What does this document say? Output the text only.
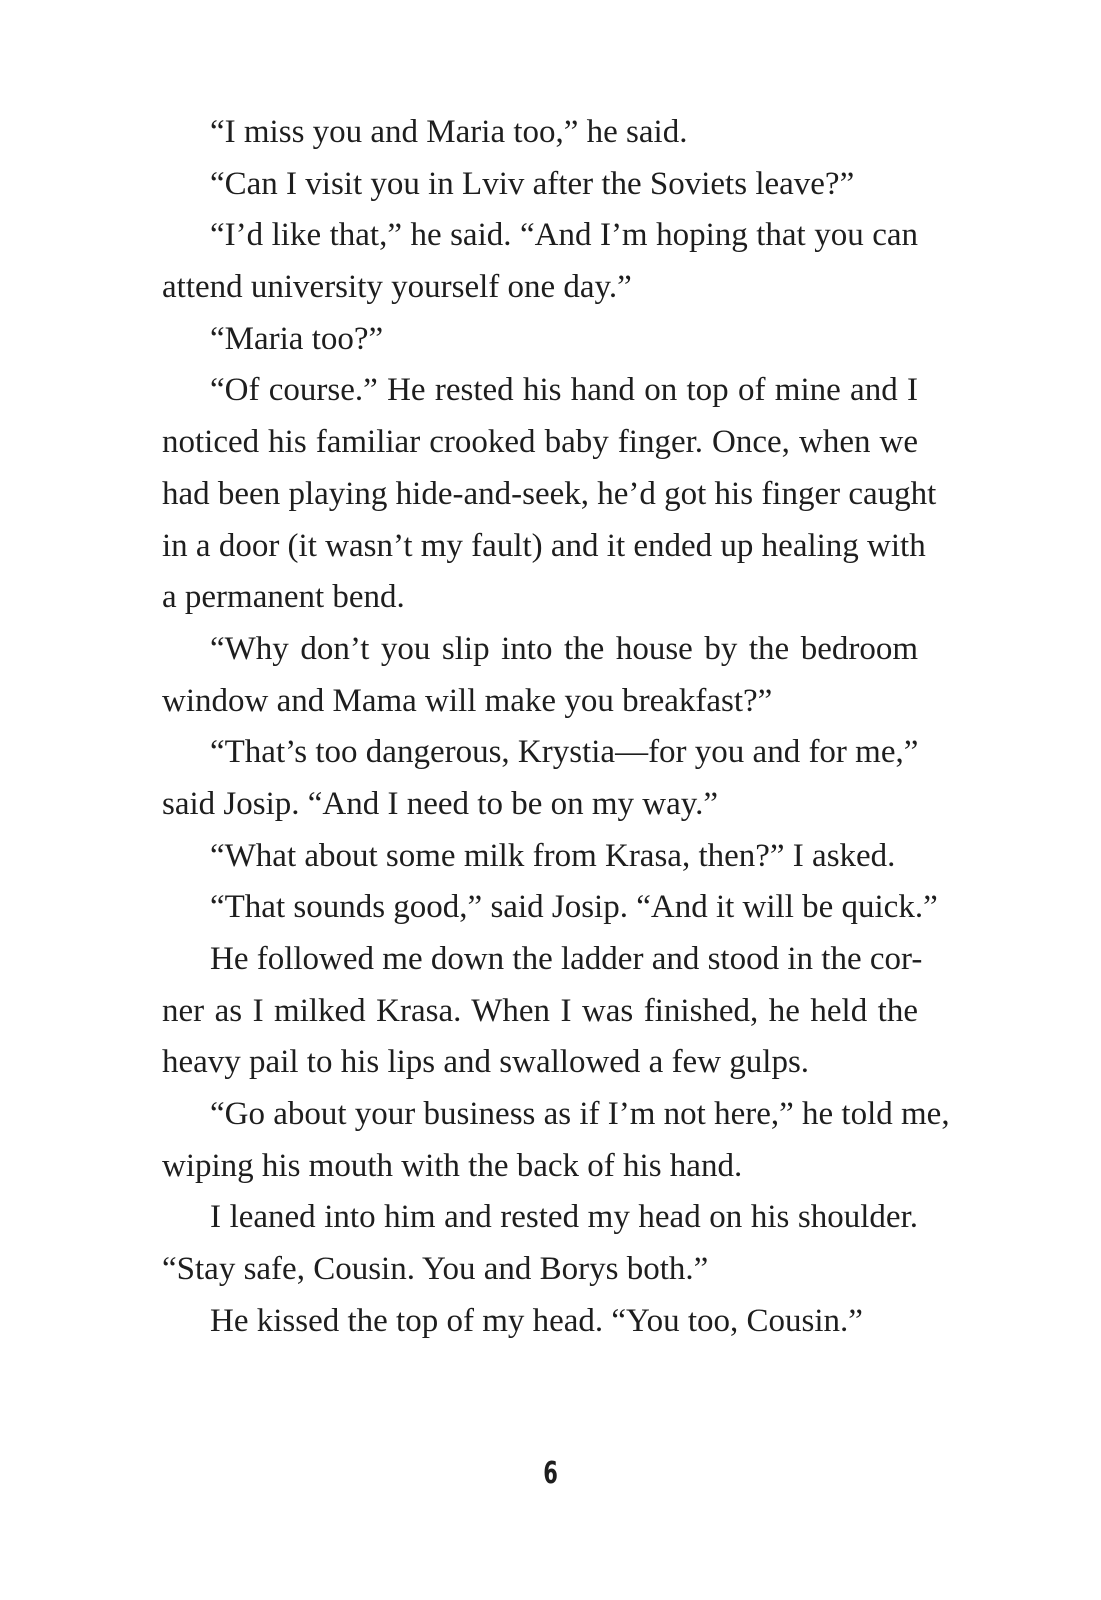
“I miss you and Maria too,” he said.
“Can I visit you in Lviv after the Soviets leave?”
“I’d like that,” he said. “And I’m hoping that you can
attend university yourself one day.”
“Maria too?”
“Of course.” He rested his hand on top of mine and I
noticed his familiar crooked baby finger. Once, when we
had been playing hide-and-seek, he’d got his finger caught
in a door (it wasn’t my fault) and it ended up healing with
a permanent bend.
“Why don’t you slip into the house by the bedroom
window and Mama will make you breakfast?”
“That’s too dangerous, Krystia—for you and for me,”
said Josip. “And I need to be on my way.”
“What about some milk from Krasa, then?” I asked.
“That sounds good,” said Josip. “And it will be quick.”
He followed me down the ladder and stood in the cor-
ner as I milked Krasa. When I was finished, he held the
heavy pail to his lips and swallowed a few gulps.
“Go about your business as if I’m not here,” he told me,
wiping his mouth with the back of his hand.
I leaned into him and rested my head on his shoulder.
“Stay safe, Cousin. You and Borys both.”
He kissed the top of my head. “You too, Cousin.”
6
